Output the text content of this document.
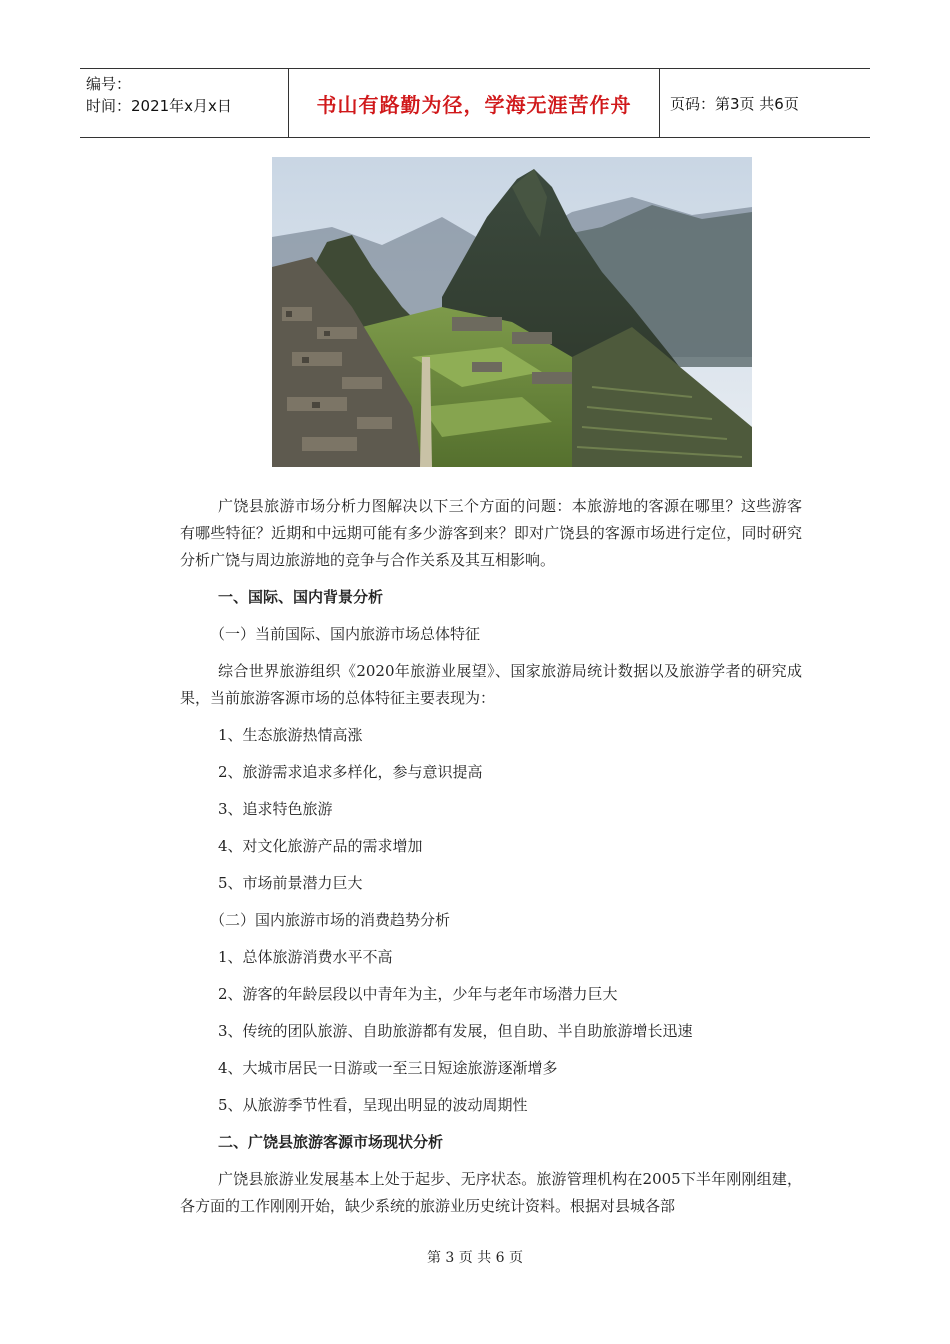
编号：
时间：2021年x月x日	书山有路勤为径，学海无涯苦作舟	页码：第3页 共6页

广饶县旅游市场分析力图解决以下三个方面的问题：本旅游地的客源在哪里？这些游客有哪些特征？近期和中远期可能有多少游客到来？即对广饶县的客源市场进行定位，同时研究分析广饶与周边旅游地的竞争与合作关系及其互相影响。

一、国际、国内背景分析

（一）当前国际、国内旅游市场总体特征

综合世界旅游组织《2020年旅游业展望》、国家旅游局统计数据以及旅游学者的研究成果，当前旅游客源市场的总体特征主要表现为：

1、生态旅游热情高涨

2、旅游需求追求多样化，参与意识提高

3、追求特色旅游

4、对文化旅游产品的需求增加

5、市场前景潜力巨大

（二）国内旅游市场的消费趋势分析

1、总体旅游消费水平不高

2、游客的年龄层段以中青年为主，少年与老年市场潜力巨大

3、传统的团队旅游、自助旅游都有发展，但自助、半自助旅游增长迅速

4、大城市居民一日游或一至三日短途旅游逐渐增多

5、从旅游季节性看，呈现出明显的波动周期性

二、广饶县旅游客源市场现状分析

广饶县旅游业发展基本上处于起步、无序状态。旅游管理机构在2005下半年刚刚组建，各方面的工作刚刚开始，缺少系统的旅游业历史统计资料。根据对县城各部

第 3 页 共 6 页
